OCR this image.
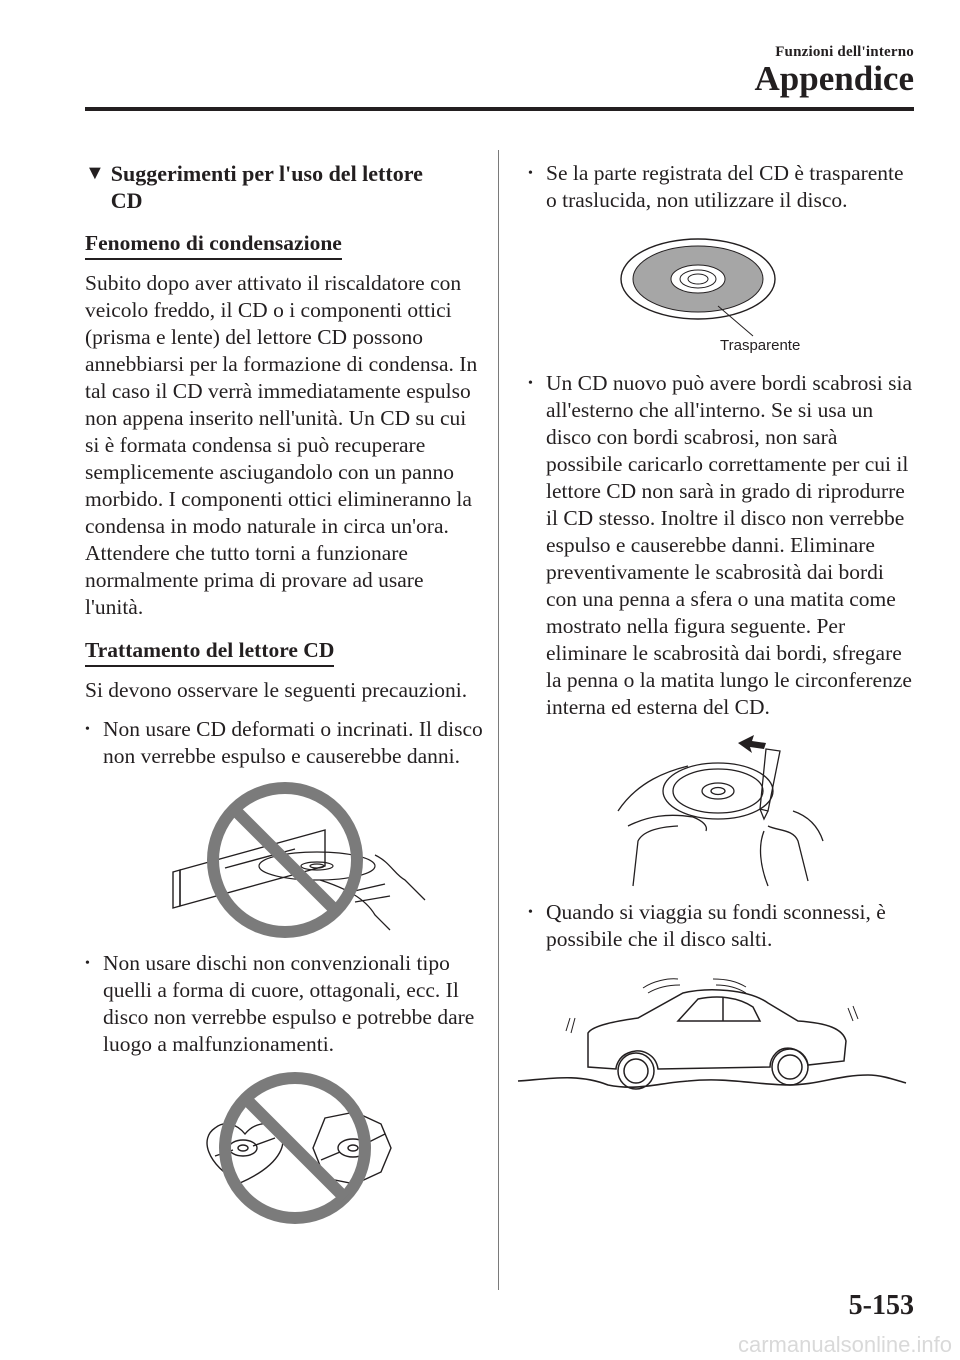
Funzioni dell'interno
Appendice
▼ Suggerimenti per l'uso del lettore
CD
Fenomeno di condensazione

Subito dopo aver attivato il riscaldatore con veicolo freddo, il CD o i componenti ottici (prisma e lente) del lettore CD possono annebbiarsi per la formazione di condensa. In tal caso il CD verrà immediatamente espulso non appena inserito nell'unità. Un CD su cui si è formata condensa si può recuperare semplicemente asciugandolo con un panno morbido. I componenti ottici elimineranno la condensa in modo naturale in circa un'ora. Attendere che tutto torni a funzionare normalmente prima di provare ad usare l'unità.

Trattamento del lettore CD

Si devono osservare le seguenti precauzioni.

• Non usare CD deformati o incrinati. Il disco non verrebbe espulso e causerebbe danni.
• Non usare dischi non convenzionali tipo quelli a forma di cuore, ottagonali, ecc. Il disco non verrebbe espulso e potrebbe dare luogo a malfunzionamenti.
• Se la parte registrata del CD è trasparente o traslucida, non utilizzare il disco.
Trasparente
• Un CD nuovo può avere bordi scabrosi sia all'esterno che all'interno. Se si usa un disco con bordi scabrosi, non sarà possibile caricarlo correttamente per cui il lettore CD non sarà in grado di riprodurre il CD stesso. Inoltre il disco non verrebbe espulso e causerebbe danni. Eliminare preventivamente le scabrosità dai bordi con una penna a sfera o una matita come mostrato nella figura seguente. Per eliminare le scabrosità dai bordi, sfregare la penna o la matita lungo le circonferenze interna ed esterna del CD.
• Quando si viaggia su fondi sconnessi, è possibile che il disco salti.
5-153
carmanualsonline.info
